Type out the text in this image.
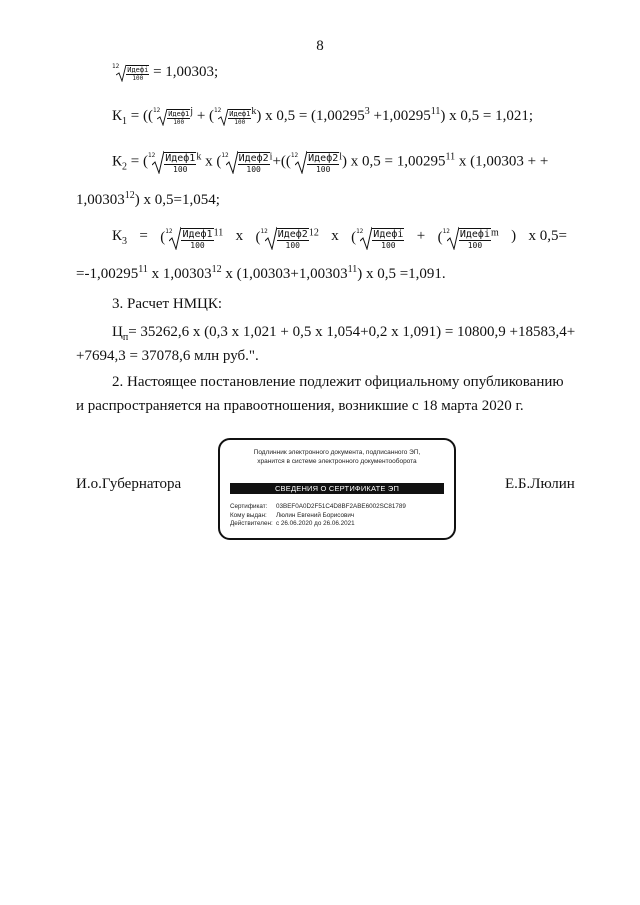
8
$^{12} \frac{\text{Идефі}}{100} = 1,00303$;
$К_1 = ((^{12} \frac{\text{Идеф1}}{100} ^j + (^{12} \frac{\text{Идеф1}}{100} ^k)$ х $0,5 = (1,00295^3 +1,00295^{11})$ х 0,5 = 1,021;
$К_2 = (^{12} \frac{\text{Идеф1}}{100} ^k$ х ($^{12} \frac{\text{Идеф2}}{100} ^i+((^{12} \frac{\text{Идеф2}}{100} ^l)$ х $0,5 = 1,00295^{11}$ х (1,00303 + +
$1,00303^{12}$) х 0,5=1,054;
$К_3 = (^{12} \frac{\text{Идеф1}}{100} ^{11}$ х ($^{12} \frac{\text{Идеф2}}{100} ^{12}$ х ($^{12} \frac{\text{Идефі}}{100} + (^{12} \frac{\text{Идефі}}{100} ^m$ ) х 0,5=
$=-1,00295^{11}$ х 1,00303$^{12}$ х $(1,00303+1,00303^{11})$ х 0,5 =1,091.
3. Расчет НМЦК:
$Ц_п= 35262,6$ х (0,3 х 1,021 + 0,5 х 1,054+0,2 х 1,091) = 10800,9 +18583,4+
+7694,3 = 37078,6 млн руб.".
2. Настоящее постановление подлежит официальному опубликованию
и распространяется на правоотношения, возникшие с 18 марта 2020 г.
И.о.Губернатора	Е.Б.Люлин
Подлинник электронного документа, подписанного ЭП,
хранится в системе электронного документооборота
СВЕДЕНИЯ О СЕРТИФИКАТЕ ЭП
Сертификат: 03BEF0A0D2F51C4D8BF2ABE6002SC81789
Кому выдан: Люлин Евгений Борисович
Действителен: с 26.06.2020 до 26.06.2021
